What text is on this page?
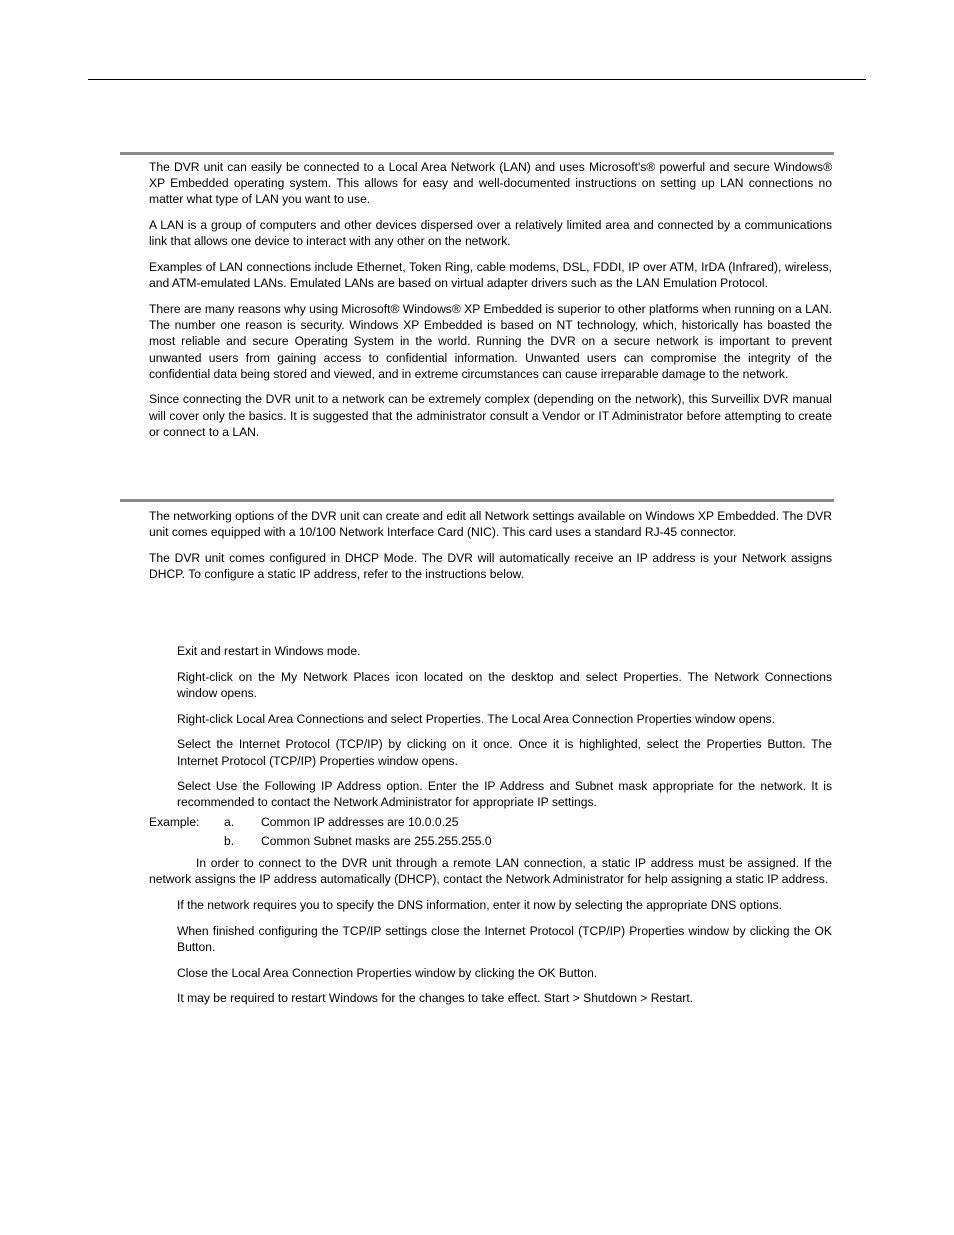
The DVR unit can easily be connected to a Local Area Network (LAN) and uses Microsoft's® powerful and secure Windows® XP Embedded operating system. This allows for easy and well-documented instructions on setting up LAN connections no matter what type of LAN you want to use.

A LAN is a group of computers and other devices dispersed over a relatively limited area and connected by a communications link that allows one device to interact with any other on the network.

Examples of LAN connections include Ethernet, Token Ring, cable modems, DSL, FDDI, IP over ATM, IrDA (Infrared), wireless, and ATM-emulated LANs. Emulated LANs are based on virtual adapter drivers such as the LAN Emulation Protocol.

There are many reasons why using Microsoft® Windows® XP Embedded is superior to other platforms when running on a LAN. The number one reason is security. Windows XP Embedded is based on NT technology, which, historically has boasted the most reliable and secure Operating System in the world. Running the DVR on a secure network is important to prevent unwanted users from gaining access to confidential information. Unwanted users can compromise the integrity of the confidential data being stored and viewed, and in extreme circumstances can cause irreparable damage to the network.

Since connecting the DVR unit to a network can be extremely complex (depending on the network), this Surveillix DVR manual will cover only the basics. It is suggested that the administrator consult a Vendor or IT Administrator before attempting to create or connect to a LAN.

The networking options of the DVR unit can create and edit all Network settings available on Windows XP Embedded. The DVR unit comes equipped with a 10/100 Network Interface Card (NIC). This card uses a standard RJ-45 connector.

The DVR unit comes configured in DHCP Mode. The DVR will automatically receive an IP address is your Network assigns DHCP. To configure a static IP address, refer to the instructions below.

Exit and restart in Windows mode.

Right-click on the My Network Places icon located on the desktop and select Properties. The Network Connections window opens.

Right-click Local Area Connections and select Properties. The Local Area Connection Properties window opens.

Select the Internet Protocol (TCP/IP) by clicking on it once. Once it is highlighted, select the Properties Button. The Internet Protocol (TCP/IP) Properties window opens.

Select Use the Following IP Address option. Enter the IP Address and Subnet mask appropriate for the network. It is recommended to contact the Network Administrator for appropriate IP settings.

Example: a. Common IP addresses are 10.0.0.25
b. Common Subnet masks are 255.255.255.0

In order to connect to the DVR unit through a remote LAN connection, a static IP address must be assigned. If the network assigns the IP address automatically (DHCP), contact the Network Administrator for help assigning a static IP address.

If the network requires you to specify the DNS information, enter it now by selecting the appropriate DNS options.

When finished configuring the TCP/IP settings close the Internet Protocol (TCP/IP) Properties window by clicking the OK Button.

Close the Local Area Connection Properties window by clicking the OK Button.

It may be required to restart Windows for the changes to take effect. Start > Shutdown > Restart.
